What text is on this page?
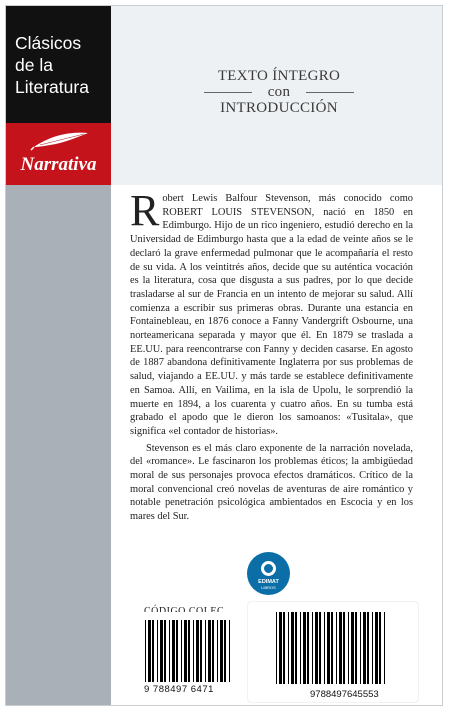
Clásicos
de la
Literatura
Narrativa
TEXTO ÍNTEGRO
con
INTRODUCCIÓN

Robert Lewis Balfour Stevenson, más conocido como ROBERT LOUIS STEVENSON, nació en 1850 en Edimburgo. Hijo de un rico ingeniero, estudió derecho en la Universidad de Edimburgo hasta que a la edad de veinte años se le declaró la grave enfermedad pulmonar que le acompañaría el resto de su vida. A los veintitrés años, decide que su auténtica vocación es la literatura, cosa que disgusta a sus padres, por lo que decide trasladarse al sur de Francia en un intento de mejorar su salud. Allí comienza a escribir sus primeras obras. Durante una estancia en Fontainebleau, en 1876 conoce a Fanny Vandergrift Osbourne, una norteamericana separada y mayor que él. En 1879 se traslada a EE.UU. para reencontrarse con Fanny y deciden casarse. En agosto de 1887 abandona definitivamente Inglaterra por sus problemas de salud, viajando a EE.UU. y más tarde se establece definitivamente en Samoa. Allí, en Vailima, en la isla de Upolu, le sorprendió la muerte en 1894, a los cuarenta y cuatro años. En su tumba está grabado el apodo que le dieron los samoanos: «Tusitala», que significa «el contador de historias».

Stevenson es el más claro exponente de la narración novelada, del «romance». Le fascinaron los problemas éticos; la ambigüedad moral de sus personajes provoca efectos dramáticos. Crítico de la moral convencional creó novelas de aventuras de aire romántico y notable penetración psicológica ambientados en Escocia y en los mares del Sur.

EDIMAT
LIBROS
9 788497 6471	9788497645553
